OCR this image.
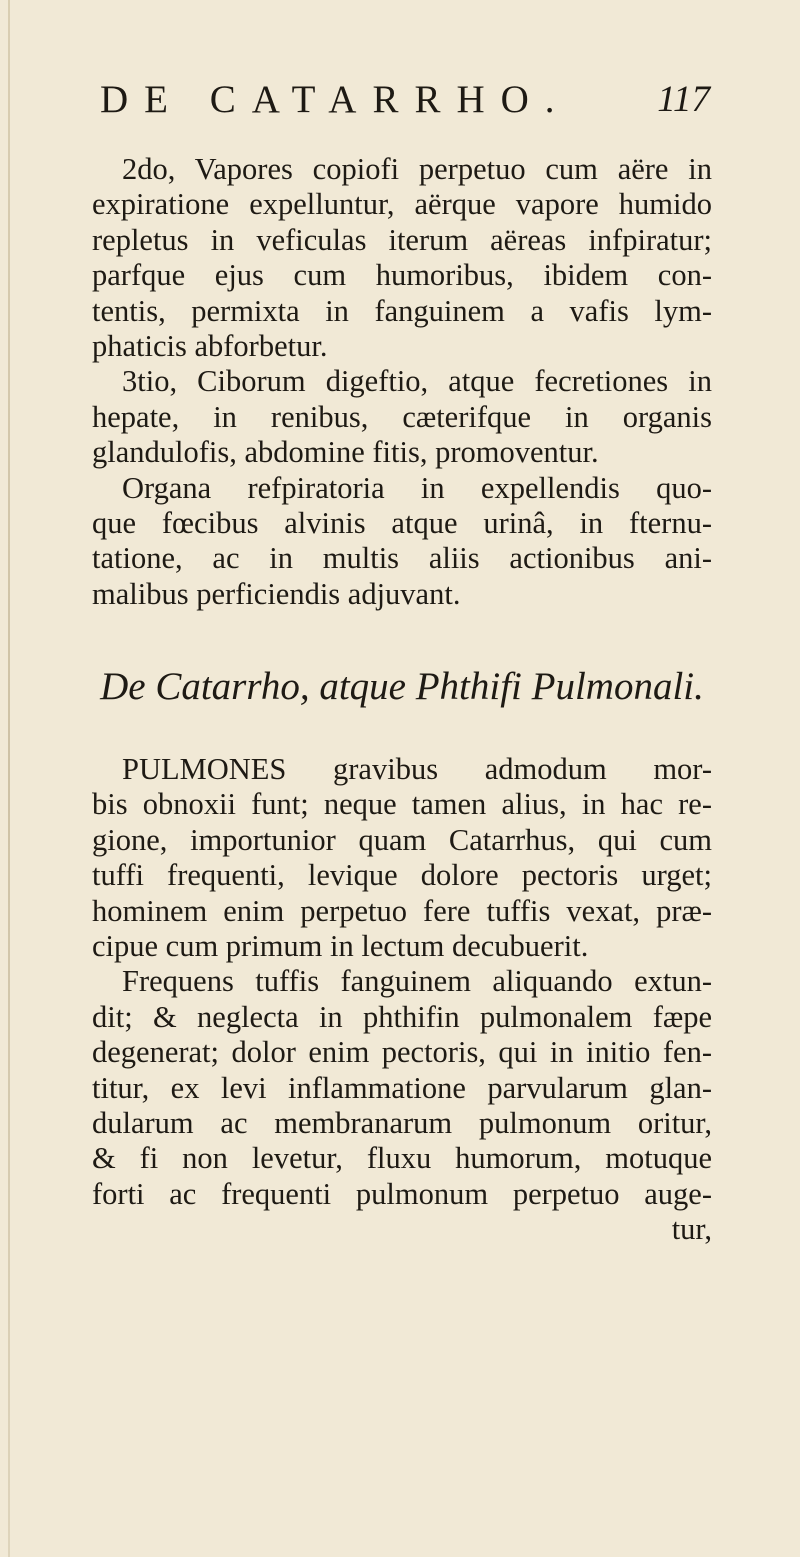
DE CATARRHO. 117
2do, Vapores copiofi perpetuo cum aëre in
expiratione expelluntur, aërque vapore humido
repletus in veficulas iterum aëreas infpiratur;
parfque ejus cum humoribus, ibidem con-
tentis, permixta in fanguinem a vafis lym-
phaticis abforbetur.
3tio, Ciborum digeftio, atque fecretiones in
hepate, in renibus, cæterifque in organis
glandulofis, abdomine fitis, promoventur.
Organa refpiratoria in expellendis quo-
que fœcibus alvinis atque urinâ, in fternu-
tatione, ac in multis aliis actionibus ani-
malibus perficiendis adjuvant.
De Catarrho, atque Phthifi Pulmonali.
PULMONES gravibus admodum mor-
bis obnoxii funt; neque tamen alius, in hac re-
gione, importunior quam Catarrhus, qui cum
tuffi frequenti, levique dolore pectoris urget;
hominem enim perpetuo fere tuffis vexat, præ-
cipue cum primum in lectum decubuerit.
Frequens tuffis fanguinem aliquando extun-
dit; & neglecta in phthifin pulmonalem fæpe
degenerat; dolor enim pectoris, qui in initio fen-
titur, ex levi inflammatione parvularum glan-
dularum ac membranarum pulmonum oritur,
& fi non levetur, fluxu humorum, motuque
forti ac frequenti pulmonum perpetuo auge-
tur,
